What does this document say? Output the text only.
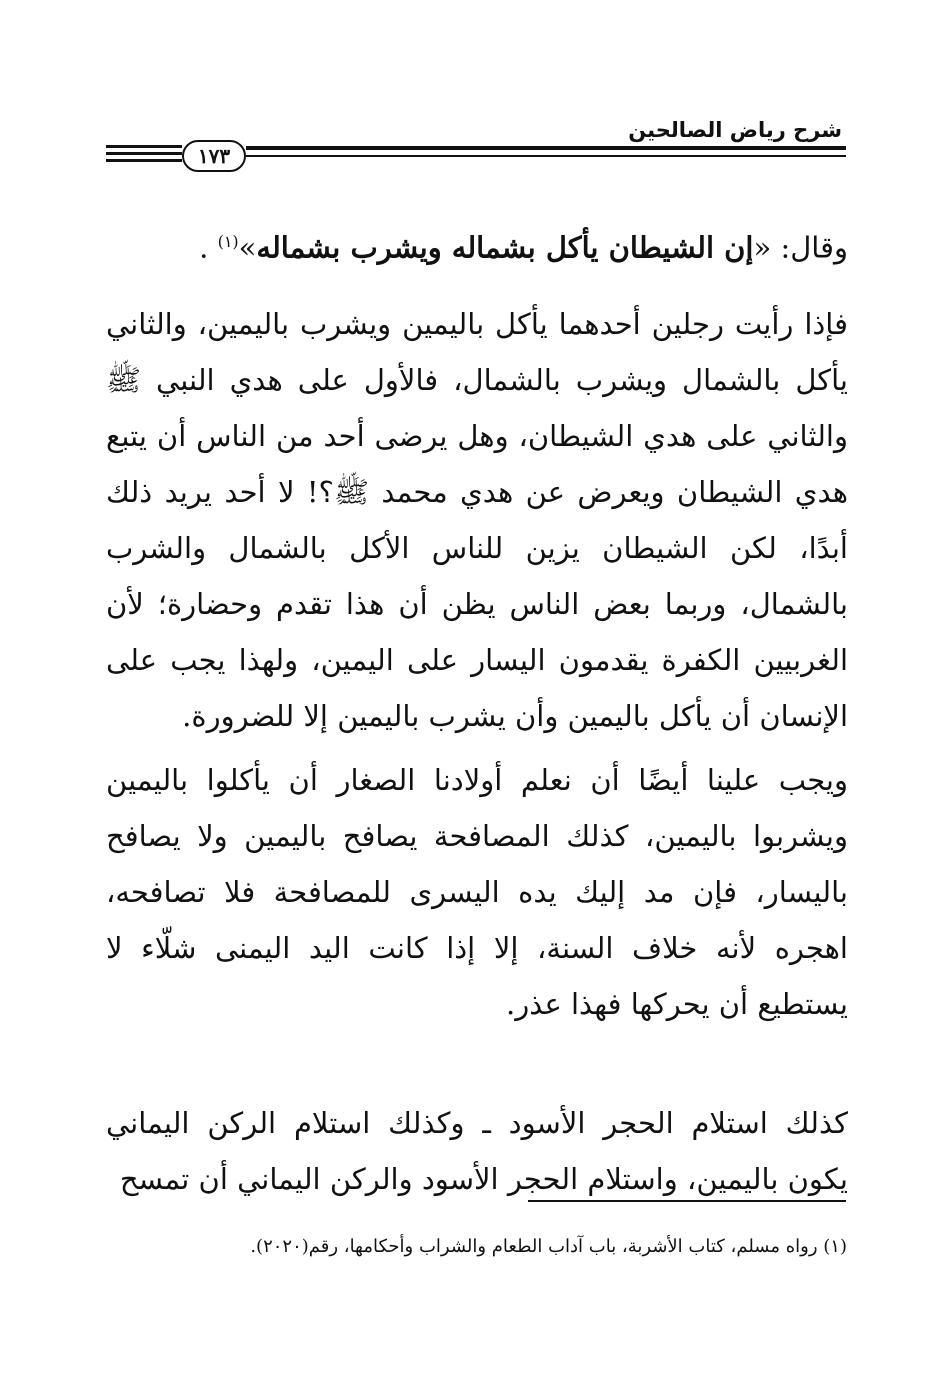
شرح رياض الصالحين
١٧٣

وقال: «إن الشيطان يأكل بشماله ويشرب بشماله»$^{(١)}$ .

فإذا رأيت رجلين أحدهما يأكل باليمين ويشرب باليمين، والثاني يأكل بالشمال ويشرب بالشمال، فالأول على هدي النبي ﷺ والثاني على هدي الشيطان، وهل يرضى أحد من الناس أن يتبع هدي الشيطان ويعرض عن هدي محمد ﷺ؟! لا أحد يريد ذلك أبدًا، لكن الشيطان يزين للناس الأكل بالشمال والشرب بالشمال، وربما بعض الناس يظن أن هذا تقدم وحضارة؛ لأن الغربيين الكفرة يقدمون اليسار على اليمين، ولهذا يجب على الإنسان أن يأكل باليمين وأن يشرب باليمين إلا للضرورة.

ويجب علينا أيضًا أن نعلم أولادنا الصغار أن يأكلوا باليمين ويشربوا باليمين، كذلك المصافحة يصافح باليمين ولا يصافح باليسار، فإن مد إليك يده اليسرى للمصافحة فلا تصافحه، اهجره لأنه خلاف السنة، إلا إذا كانت اليد اليمنى شلّاء لا يستطيع أن يحركها فهذا عذر.

كذلك استلام الحجر الأسود ـ وكذلك استلام الركن اليماني يكون باليمين، واستلام الحجر الأسود والركن اليماني أن تمسح

(١) رواه مسلم، كتاب الأشربة، باب آداب الطعام والشراب وأحكامها، رقم(٢٠٢٠).
